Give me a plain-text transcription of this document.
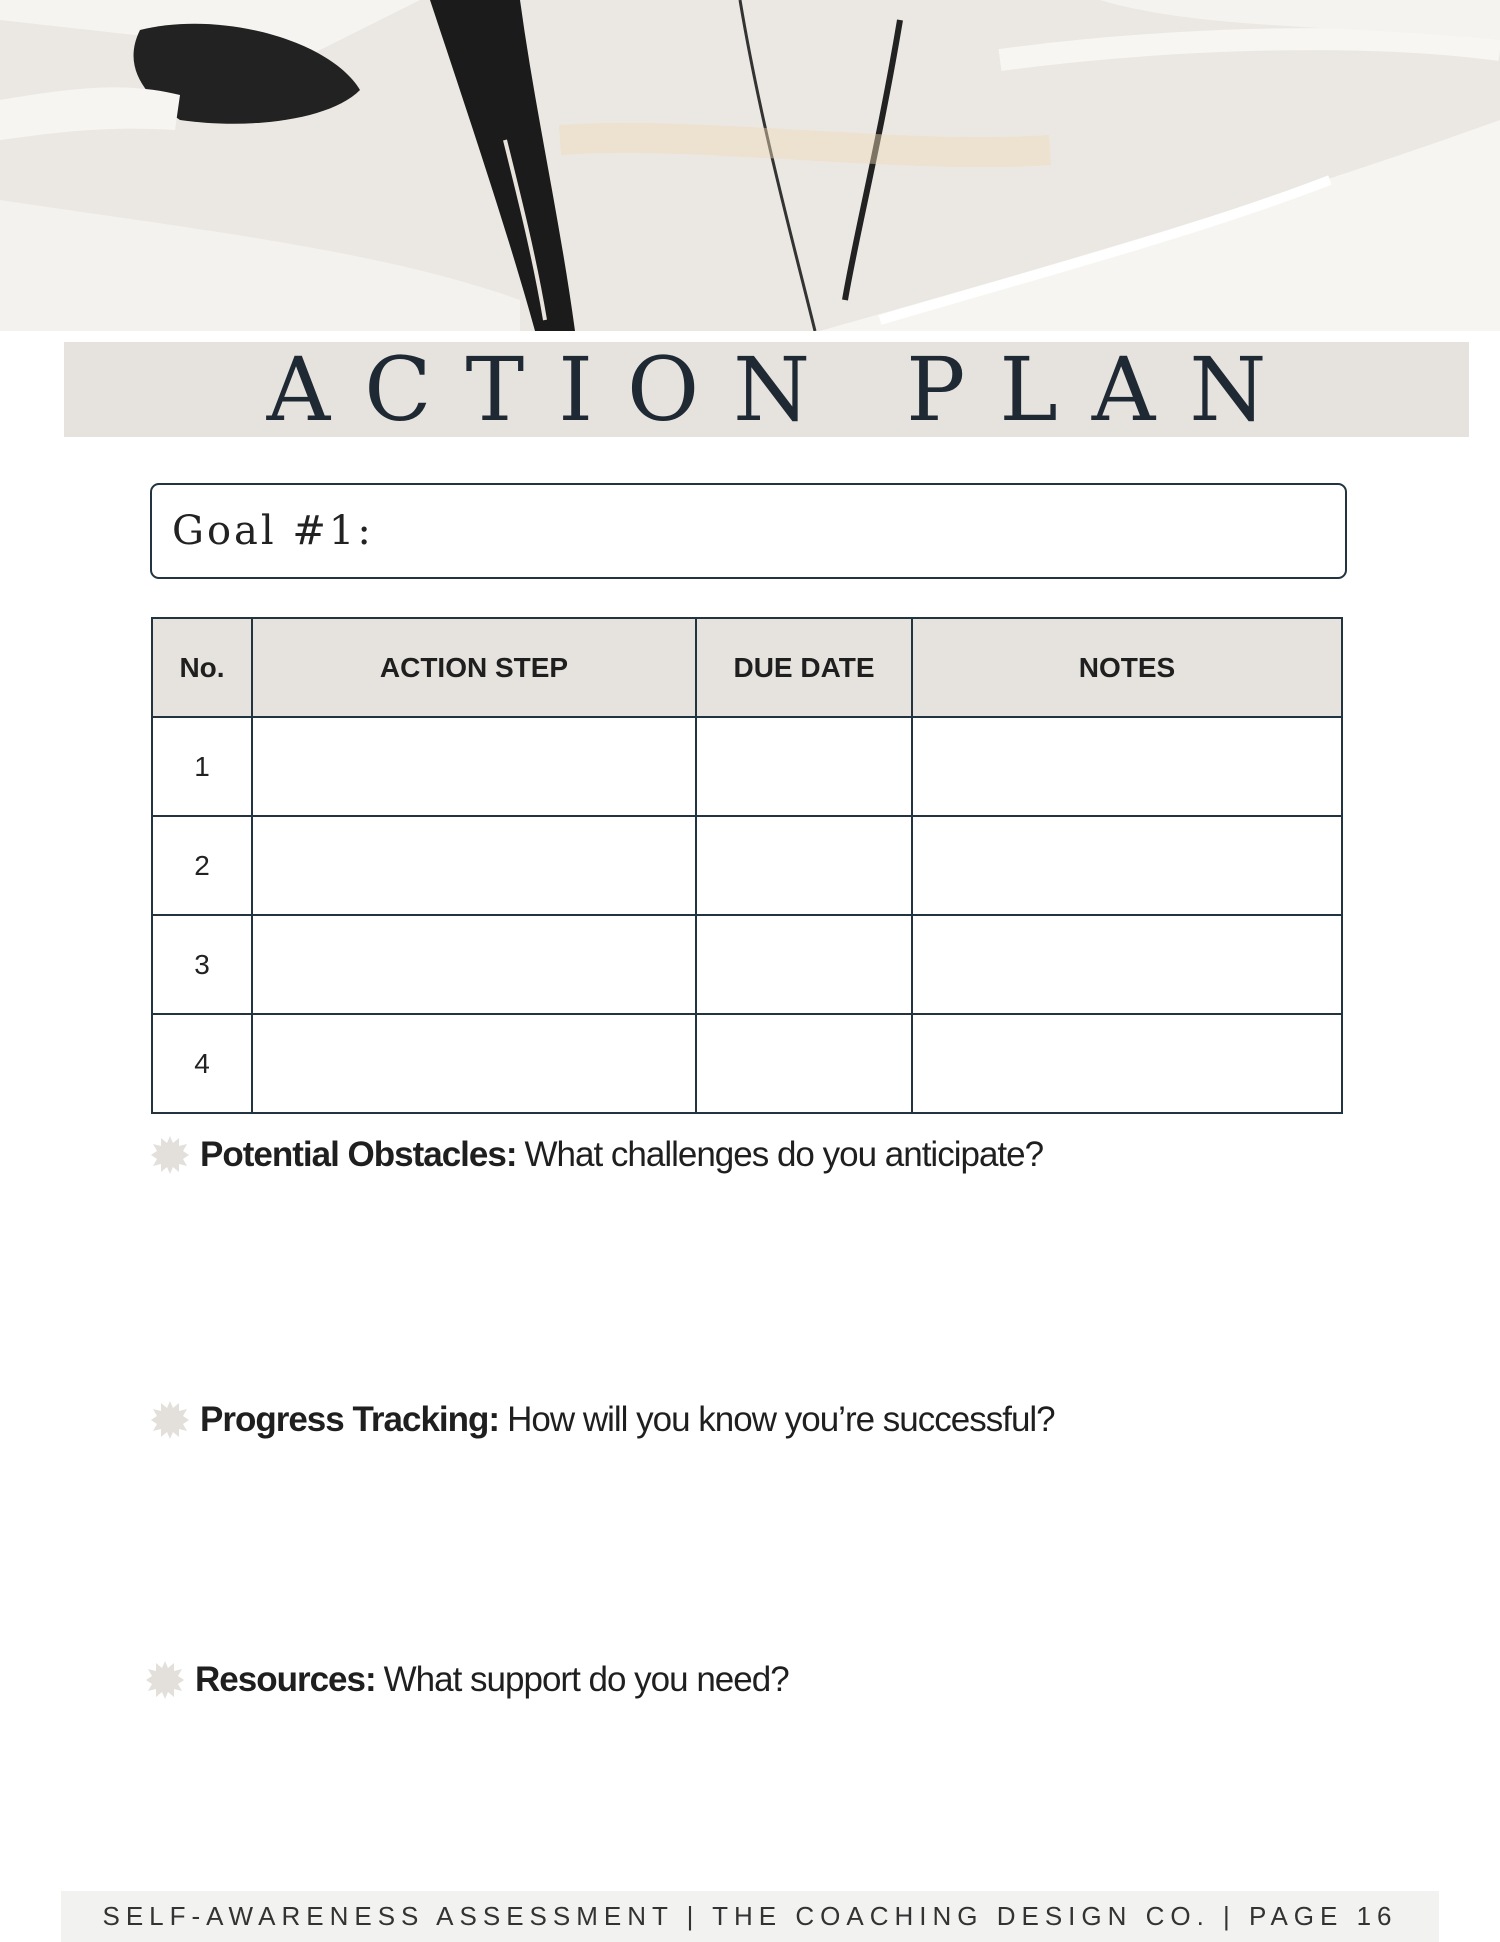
ACTION PLAN
Goal #1:
No.	ACTION STEP	DUE DATE	NOTES
1			
2			
3			
4			
Potential Obstacles: What challenges do you anticipate?
Progress Tracking: How will you know you’re successful?
Resources: What support do you need?
SELF-AWARENESS ASSESSMENT | THE COACHING DESIGN CO. | PAGE 16
